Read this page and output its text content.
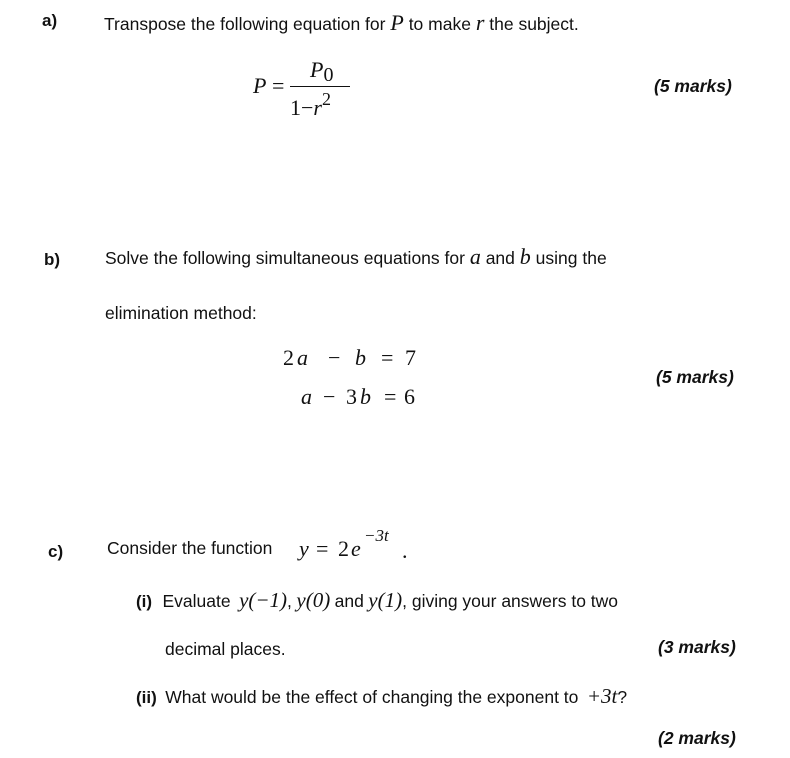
a)	Transpose the following equation for P to make r the subject.
P =
P0
$1-r^2$
(5 marks)
b)	Solve the following simultaneous equations for a and b using the
elimination method:
2 a − b = 7
a − 3 b = 6
(5 marks)
c)	Consider the function y = 2 e
−3t
.
(i) Evaluate y(−1), y(0) and y(1), giving your answers to two
decimal places.	(3 marks)
(ii) What would be the effect of changing the exponent to +3t?
(2 marks)
